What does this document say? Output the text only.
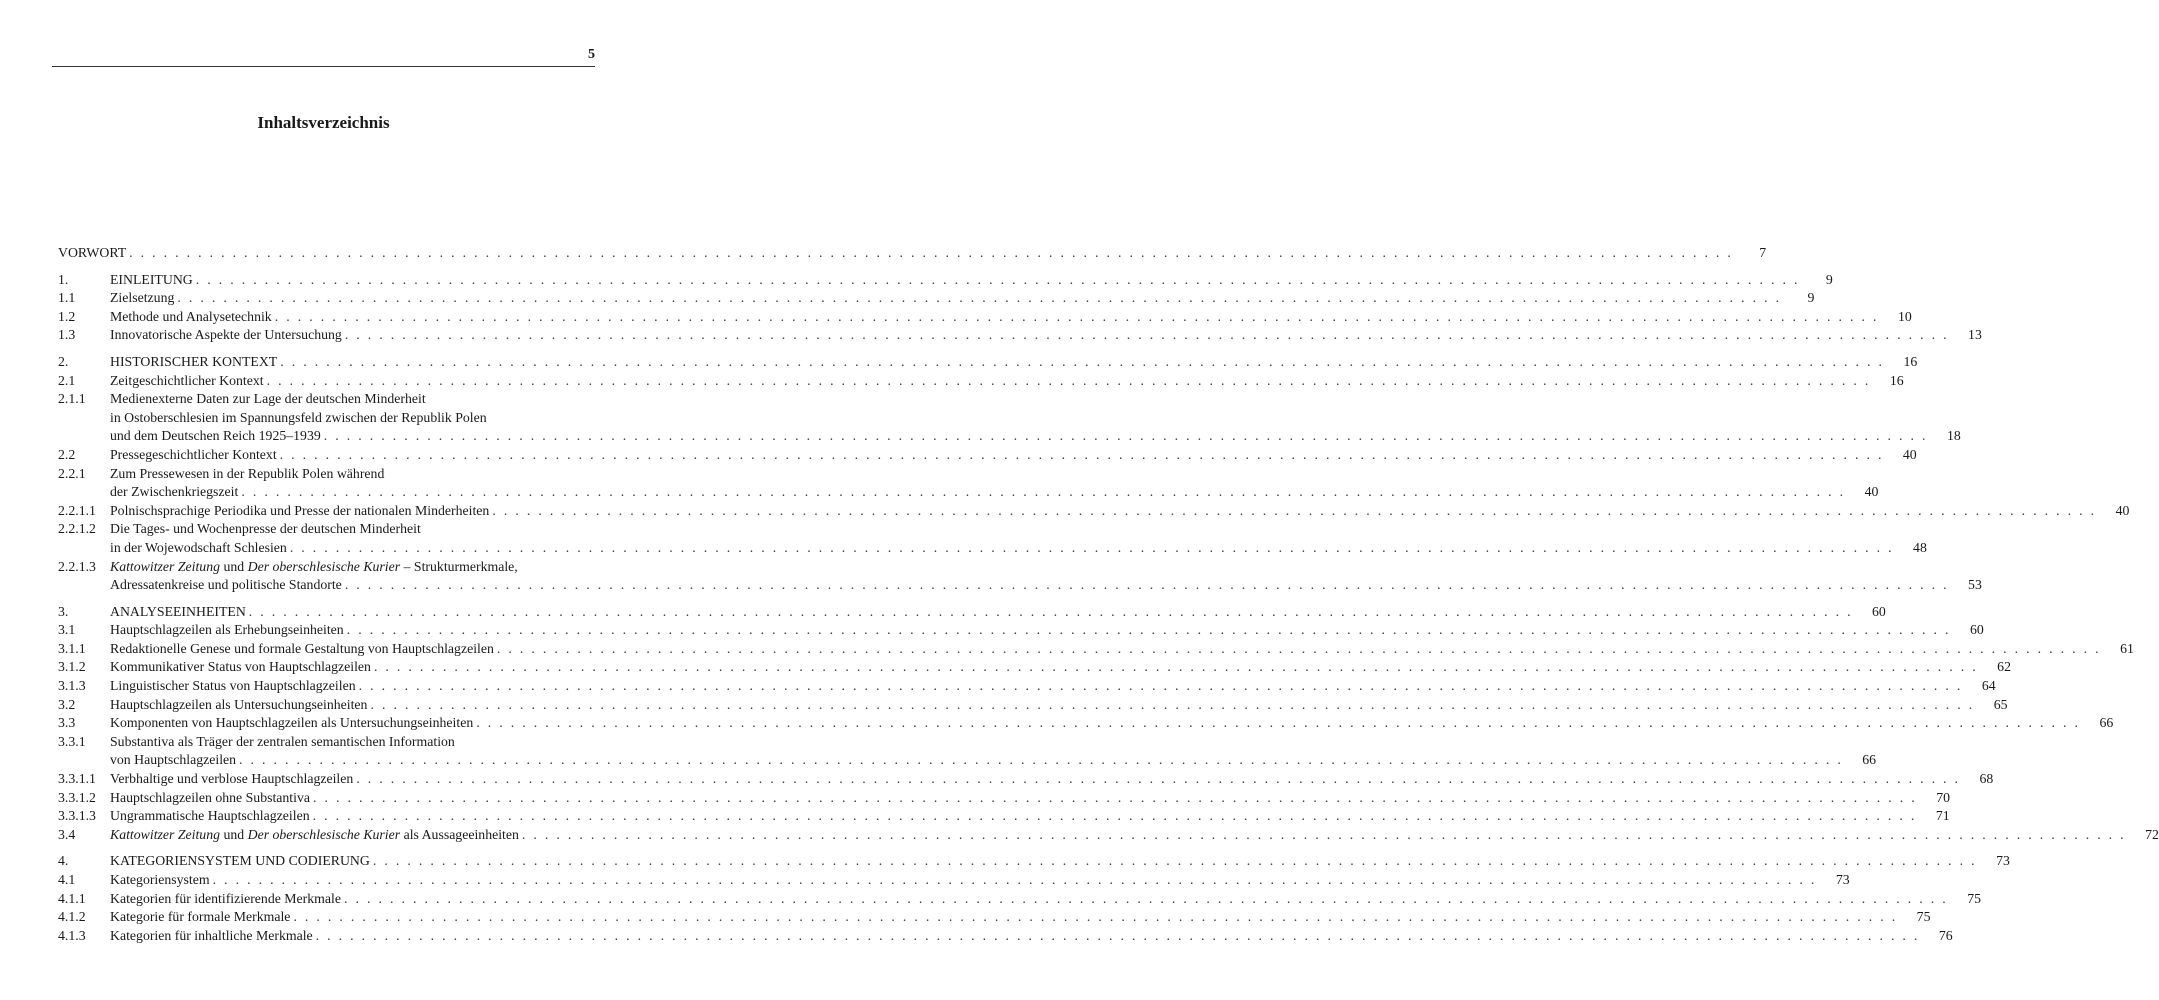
5
Inhaltsverzeichnis
VORWORT . . . . . . . . . . . . . . . . . . . . . . . . . . . . . . . . . . . . . . . . . . . . . . . . . . . . . . . . . . . . . . . . . . . . . . . . . . . . . . . . . . . . . . . . . . . . . . . . . . . . . . . . . . . . . . . . . . . . . . . . . . . . . . . . . . . . . . . . . . . .	7
1.	EINLEITUNG . . . . . . . . . . . . . . . . . . . . . . . . . . . . . . . . . . . . . . . . . . . . . . . . . . . . . . . . . . . . . . . . . . . . . . . . . . . . . . . . . . . . . . . . . . . . . . . . . . . . . . . . . . . . . . . . . . . . . . . . . . . . . . . . . . . . . . . . . . . .	9
1.1	Zielsetzung . . . . . . . . . . . . . . . . . . . . . . . . . . . . . . . . . . . . . . . . . . . . . . . . . . . . . . . . . . . . . . . . . . . . . . . . . . . . . . . . . . . . . . . . . . . . . . . . . . . . . . . . . . . . . . . . . . . . . . . . . . . . . . . . . . . . . . . . . . . .	9
1.2	Methode und Analysetechnik . . . . . . . . . . . . . . . . . . . . . . . . . . . . . . . . . . . . . . . . . . . . . . . . . . . . . . . . . . . . . . . . . . . . . . . . . . . . . . . . . . . . . . . . . . . . . . . . . . . . . . . . . . . . . . . . . . . . . . . . . . . . . . . . . . . . . . . . . . . .	10
1.3	Innovatorische Aspekte der Untersuchung . . . . . . . . . . . . . . . . . . . . . . . . . . . . . . . . . . . . . . . . . . . . . . . . . . . . . . . . . . . . . . . . . . . . . . . . . . . . . . . . . . . . . . . . . . . . . . . . . . . . . . . . . . . . . . . . . . . . . . . . . . . . . . . . . . . . . . . . . . . .	13
2.	HISTORISCHER KONTEXT . . . . . . . . . . . . . . . . . . . . . . . . . . . . . . . . . . . . . . . . . . . . . . . . . . . . . . . . . . . . . . . . . . . . . . . . . . . . . . . . . . . . . . . . . . . . . . . . . . . . . . . . . . . . . . . . . . . . . . . . . . . . . . . . . . . . . . . . . . . .	16
2.1	Zeitgeschichtlicher Kontext . . . . . . . . . . . . . . . . . . . . . . . . . . . . . . . . . . . . . . . . . . . . . . . . . . . . . . . . . . . . . . . . . . . . . . . . . . . . . . . . . . . . . . . . . . . . . . . . . . . . . . . . . . . . . . . . . . . . . . . . . . . . . . . . . . . . . . . . . . . .	16
2.1.1 Medienexterne Daten zur Lage der deutschen Minderheit
in Ostoberschlesien im Spannungsfeld zwischen der Republik Polen
und dem Deutschen Reich 1925–1939 . . . . . . . . . . . . . . . . . . . . . . . . . . . . . . . . . . . . . . . . . . . . . . . . . . . . . . . . . . . . . . . . . . . . . . . . . . . . . . . . . . . . . . . . . . . . . . . . . . . . . . . . . . . . . . . . . . . . . . . . . . . . . . . . . . . . . . . . . . . .	18
2.2	Pressegeschichtlicher Kontext . . . . . . . . . . . . . . . . . . . . . . . . . . . . . . . . . . . . . . . . . . . . . . . . . . . . . . . . . . . . . . . . . . . . . . . . . . . . . . . . . . . . . . . . . . . . . . . . . . . . . . . . . . . . . . . . . . . . . . . . . . . . . . . . . . . . . . . . . . . .	40
2.2.1 Zum Pressewesen in der Republik Polen während
der Zwischenkriegszeit . . . . . . . . . . . . . . . . . . . . . . . . . . . . . . . . . . . . . . . . . . . . . . . . . . . . . . . . . . . . . . . . . . . . . . . . . . . . . . . . . . . . . . . . . . . . . . . . . . . . . . . . . . . . . . . . . . . . . . . . . . . . . . . . . . . . . . . . . . . .	40
2.2.1.1 Polnischsprachige Periodika und Presse der nationalen Minderheiten . . . . . . . . . . . . . . . . . . . . . . . . . . . . . . . . . . . . . . . . . . . . . . . . . . . . . . . . . . . . . . . . . . . . . . . . . . . . . . . . . . . . . . . . . . . . . . . . . . . . . . . . . . . . . . . . . . . . . . . . . . . . . . . . . . . . . . . . . . . .	40
2.2.1.2 Die Tages- und Wochenpresse der deutschen Minderheit
in der Wojewodschaft Schlesien . . . . . . . . . . . . . . . . . . . . . . . . . . . . . . . . . . . . . . . . . . . . . . . . . . . . . . . . . . . . . . . . . . . . . . . . . . . . . . . . . . . . . . . . . . . . . . . . . . . . . . . . . . . . . . . . . . . . . . . . . . . . . . . . . . . . . . . . . . . .	48
2.2.1.3 Kattowitzer Zeitung und Der oberschlesische Kurier – Strukturmerkmale,
Adressatenkreise und politische Standorte . . . . . . . . . . . . . . . . . . . . . . . . . . . . . . . . . . . . . . . . . . . . . . . . . . . . . . . . . . . . . . . . . . . . . . . . . . . . . . . . . . . . . . . . . . . . . . . . . . . . . . . . . . . . . . . . . . . . . . . . . . . . . . . . . . . . . . . . . . . .	53
3.	ANALYSEEINHEITEN . . . . . . . . . . . . . . . . . . . . . . . . . . . . . . . . . . . . . . . . . . . . . . . . . . . . . . . . . . . . . . . . . . . . . . . . . . . . . . . . . . . . . . . . . . . . . . . . . . . . . . . . . . . . . . . . . . . . . . . . . . . . . . . . . . . . . . . . . . . .	60
3.1	Hauptschlagzeilen als Erhebungseinheiten . . . . . . . . . . . . . . . . . . . . . . . . . . . . . . . . . . . . . . . . . . . . . . . . . . . . . . . . . . . . . . . . . . . . . . . . . . . . . . . . . . . . . . . . . . . . . . . . . . . . . . . . . . . . . . . . . . . . . . . . . . . . . . . . . . . . . . . . . . . .	60
3.1.1 Redaktionelle Genese und formale Gestaltung von Hauptschlagzeilen . . . . . . . . . . . . . . . . . . . . . . . . . . . . . . . . . . . . . . . . . . . . . . . . . . . . . . . . . . . . . . . . . . . . . . . . . . . . . . . . . . . . . . . . . . . . . . . . . . . . . . . . . . . . . . . . . . . . . . . . . . . . . . . . . . . . . . . . . . . .	61
3.1.2 Kommunikativer Status von Hauptschlagzeilen . . . . . . . . . . . . . . . . . . . . . . . . . . . . . . . . . . . . . . . . . . . . . . . . . . . . . . . . . . . . . . . . . . . . . . . . . . . . . . . . . . . . . . . . . . . . . . . . . . . . . . . . . . . . . . . . . . . . . . . . . . . . . . . . . . . . . . . . . . . .	62
3.1.3 Linguistischer Status von Hauptschlagzeilen . . . . . . . . . . . . . . . . . . . . . . . . . . . . . . . . . . . . . . . . . . . . . . . . . . . . . . . . . . . . . . . . . . . . . . . . . . . . . . . . . . . . . . . . . . . . . . . . . . . . . . . . . . . . . . . . . . . . . . . . . . . . . . . . . . . . . . . . . . . .	64
3.2	Hauptschlagzeilen als Untersuchungseinheiten . . . . . . . . . . . . . . . . . . . . . . . . . . . . . . . . . . . . . . . . . . . . . . . . . . . . . . . . . . . . . . . . . . . . . . . . . . . . . . . . . . . . . . . . . . . . . . . . . . . . . . . . . . . . . . . . . . . . . . . . . . . . . . . . . . . . . . . . . . . .	65
3.3	Komponenten von Hauptschlagzeilen als Untersuchungseinheiten . . . . . . . . . . . . . . . . . . . . . . . . . . . . . . . . . . . . . . . . . . . . . . . . . . . . . . . . . . . . . . . . . . . . . . . . . . . . . . . . . . . . . . . . . . . . . . . . . . . . . . . . . . . . . . . . . . . . . . . . . . . . . . . . . . . . . . . . . . . .	66
3.3.1 Substantiva als Träger der zentralen semantischen Information
von Hauptschlagzeilen . . . . . . . . . . . . . . . . . . . . . . . . . . . . . . . . . . . . . . . . . . . . . . . . . . . . . . . . . . . . . . . . . . . . . . . . . . . . . . . . . . . . . . . . . . . . . . . . . . . . . . . . . . . . . . . . . . . . . . . . . . . . . . . . . . . . . . . . . . . .	66
3.3.1.1 Verbhaltige und verblose Hauptschlagzeilen . . . . . . . . . . . . . . . . . . . . . . . . . . . . . . . . . . . . . . . . . . . . . . . . . . . . . . . . . . . . . . . . . . . . . . . . . . . . . . . . . . . . . . . . . . . . . . . . . . . . . . . . . . . . . . . . . . . . . . . . . . . . . . . . . . . . . . . . . . . .	68
3.3.1.2 Hauptschlagzeilen ohne Substantiva . . . . . . . . . . . . . . . . . . . . . . . . . . . . . . . . . . . . . . . . . . . . . . . . . . . . . . . . . . . . . . . . . . . . . . . . . . . . . . . . . . . . . . . . . . . . . . . . . . . . . . . . . . . . . . . . . . . . . . . . . . . . . . . . . . . . . . . . . . . .	70
3.3.1.3 Ungrammatische Hauptschlagzeilen . . . . . . . . . . . . . . . . . . . . . . . . . . . . . . . . . . . . . . . . . . . . . . . . . . . . . . . . . . . . . . . . . . . . . . . . . . . . . . . . . . . . . . . . . . . . . . . . . . . . . . . . . . . . . . . . . . . . . . . . . . . . . . . . . . . . . . . . . . . .	71
3.4	Kattowitzer Zeitung und Der oberschlesische Kurier als Aussageeinheiten . . . . . . . . . . . . . . . . . . . . . . . . . . . . . . . . . . . . . . . . . . . . . . . . . . . . . . . . . . . . . . . . . . . . . . . . . . . . . . . . . . . . . . . . . . . . . . . . . . . . . . . . . . . . . . . . . . . . . . . . . . . . . . . . . . . . . . . . . . . .	72
4.	KATEGORIENSYSTEM UND CODIERUNG . . . . . . . . . . . . . . . . . . . . . . . . . . . . . . . . . . . . . . . . . . . . . . . . . . . . . . . . . . . . . . . . . . . . . . . . . . . . . . . . . . . . . . . . . . . . . . . . . . . . . . . . . . . . . . . . . . . . . . . . . . . . . . . . . . . . . . . . . . . .	73
4.1	Kategoriensystem . . . . . . . . . . . . . . . . . . . . . . . . . . . . . . . . . . . . . . . . . . . . . . . . . . . . . . . . . . . . . . . . . . . . . . . . . . . . . . . . . . . . . . . . . . . . . . . . . . . . . . . . . . . . . . . . . . . . . . . . . . . . . . . . . . . . . . . . . . . .	73
4.1.1 Kategorien für identifizierende Merkmale . . . . . . . . . . . . . . . . . . . . . . . . . . . . . . . . . . . . . . . . . . . . . . . . . . . . . . . . . . . . . . . . . . . . . . . . . . . . . . . . . . . . . . . . . . . . . . . . . . . . . . . . . . . . . . . . . . . . . . . . . . . . . . . . . . . . . . . . . . . .	75
4.1.2 Kategorie für formale Merkmale . . . . . . . . . . . . . . . . . . . . . . . . . . . . . . . . . . . . . . . . . . . . . . . . . . . . . . . . . . . . . . . . . . . . . . . . . . . . . . . . . . . . . . . . . . . . . . . . . . . . . . . . . . . . . . . . . . . . . . . . . . . . . . . . . . . . . . . . . . . .	75
4.1.3 Kategorien für inhaltliche Merkmale . . . . . . . . . . . . . . . . . . . . . . . . . . . . . . . . . . . . . . . . . . . . . . . . . . . . . . . . . . . . . . . . . . . . . . . . . . . . . . . . . . . . . . . . . . . . . . . . . . . . . . . . . . . . . . . . . . . . . . . . . . . . . . . . . . . . . . . . . . . .	76
